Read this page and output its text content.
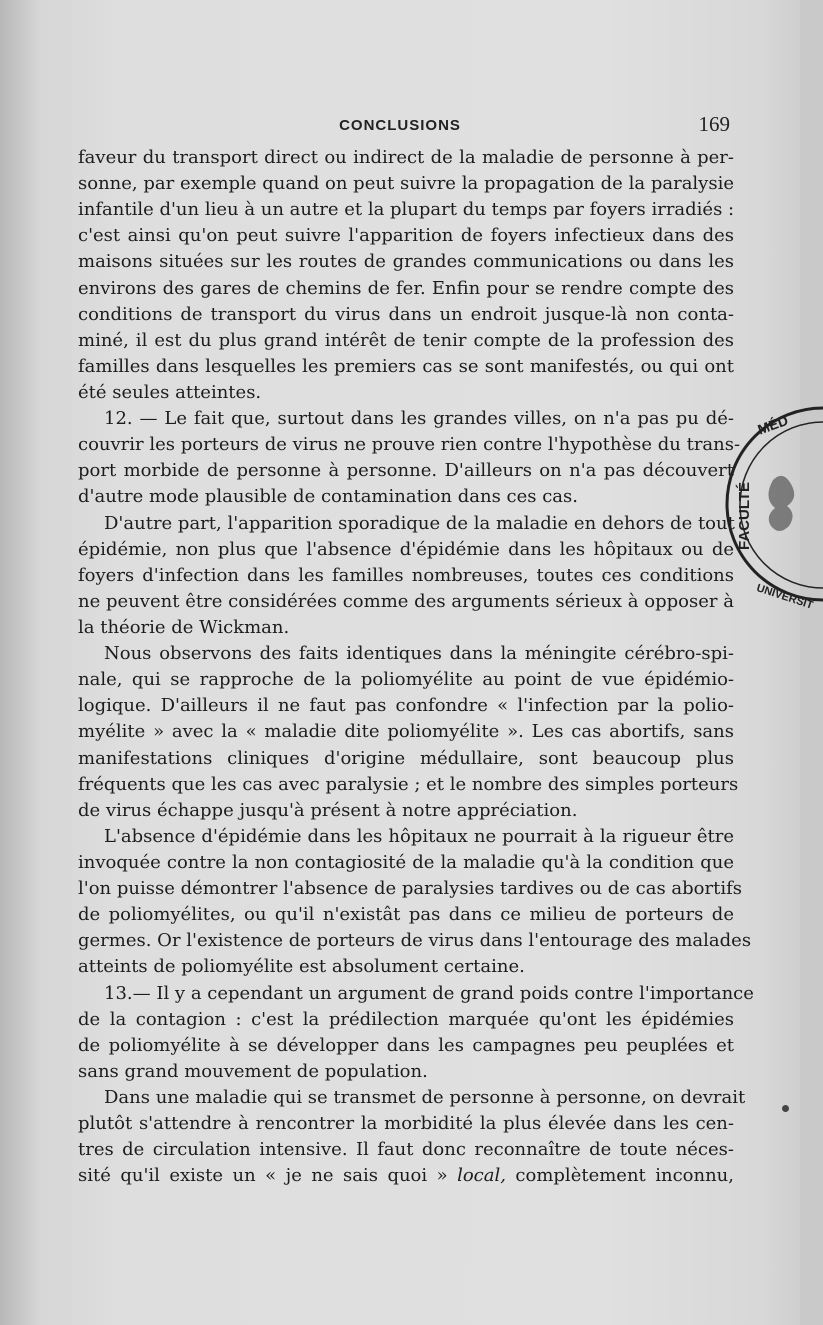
CONCLUSIONS	169
faveur du transport direct ou indirect de la maladie de personne à per-
sonne, par exemple quand on peut suivre la propagation de la paralysie
infantile d'un lieu à un autre et la plupart du temps par foyers irradiés :
c'est ainsi qu'on peut suivre l'apparition de foyers infectieux dans des
maisons situées sur les routes de grandes communications ou dans les
environs des gares de chemins de fer. Enfin pour se rendre compte des
conditions de transport du virus dans un endroit jusque-là non conta-
miné, il est du plus grand intérêt de tenir compte de la profession des
familles dans lesquelles les premiers cas se sont manifestés, ou qui ont
été seules atteintes.
12. — Le fait que, surtout dans les grandes villes, on n'a pas pu dé-
couvrir les porteurs de virus ne prouve rien contre l'hypothèse du trans-
port morbide de personne à personne. D'ailleurs on n'a pas découvert
d'autre mode plausible de contamination dans ces cas.
D'autre part, l'apparition sporadique de la maladie en dehors de tout
épidémie, non plus que l'absence d'épidémie dans les hôpitaux ou de
foyers d'infection dans les familles nombreuses, toutes ces conditions
ne peuvent être considérées comme des arguments sérieux à opposer à
la théorie de Wickman.
Nous observons des faits identiques dans la méningite cérébro-spi-
nale, qui se rapproche de la poliomyélite au point de vue épidémio-
logique. D'ailleurs il ne faut pas confondre « l'infection par la polio-
myélite » avec la « maladie dite poliomyélite ». Les cas abortifs, sans
manifestations cliniques d'origine médullaire, sont beaucoup plus
fréquents que les cas avec paralysie ; et le nombre des simples porteurs
de virus échappe jusqu'à présent à notre appréciation.
L'absence d'épidémie dans les hôpitaux ne pourrait à la rigueur être
invoquée contre la non contagiosité de la maladie qu'à la condition que
l'on puisse démontrer l'absence de paralysies tardives ou de cas abortifs
de poliomyélites, ou qu'il n'existât pas dans ce milieu de porteurs de
germes. Or l'existence de porteurs de virus dans l'entourage des malades
atteints de poliomyélite est absolument certaine.
13.— Il y a cependant un argument de grand poids contre l'importance
de la contagion : c'est la prédilection marquée qu'ont les épidémies
de poliomyélite à se développer dans les campagnes peu peuplées et
sans grand mouvement de population.
Dans une maladie qui se transmet de personne à personne, on devrait
plutôt s'attendre à rencontrer la morbidité la plus élevée dans les cen-
tres de circulation intensive. Il faut donc reconnaître de toute néces-
sité qu'il existe un « je ne sais quoi » local, complètement inconnu,
MÉD
FACULTÉ
UNIVERSIT
